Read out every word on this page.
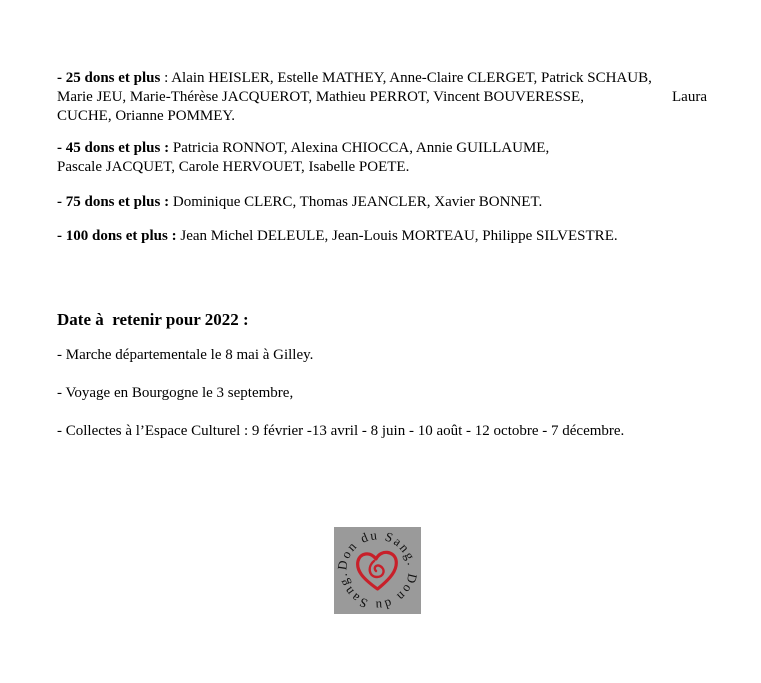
- 25 dons et plus : Alain HEISLER, Estelle MATHEY, Anne-Claire CLERGET, Patrick SCHAUB,
Marie JEU, Marie-Thérèse JACQUEROT, Mathieu PERROT, Vincent BOUVERESSE,	Laura
CUCHE, Orianne POMMEY.
- 45 dons et plus : Patricia RONNOT, Alexina CHIOCCA, Annie GUILLAUME,
Pascale JACQUET, Carole HERVOUET, Isabelle POETE.
- 75 dons et plus : Dominique CLERC, Thomas JEANCLER, Xavier BONNET.
- 100 dons et plus : Jean Michel DELEULE, Jean-Louis MORTEAU, Philippe SILVESTRE.

Date à  retenir pour 2022 :

- Marche départementale le 8 mai à Gilley.

- Voyage en Bourgogne le 3 septembre,

- Collectes à l’Espace Culturel : 9 février -13 avril - 8 juin - 10 août - 12 octobre - 7 décembre.

Don du Sang. Don du Sang.
